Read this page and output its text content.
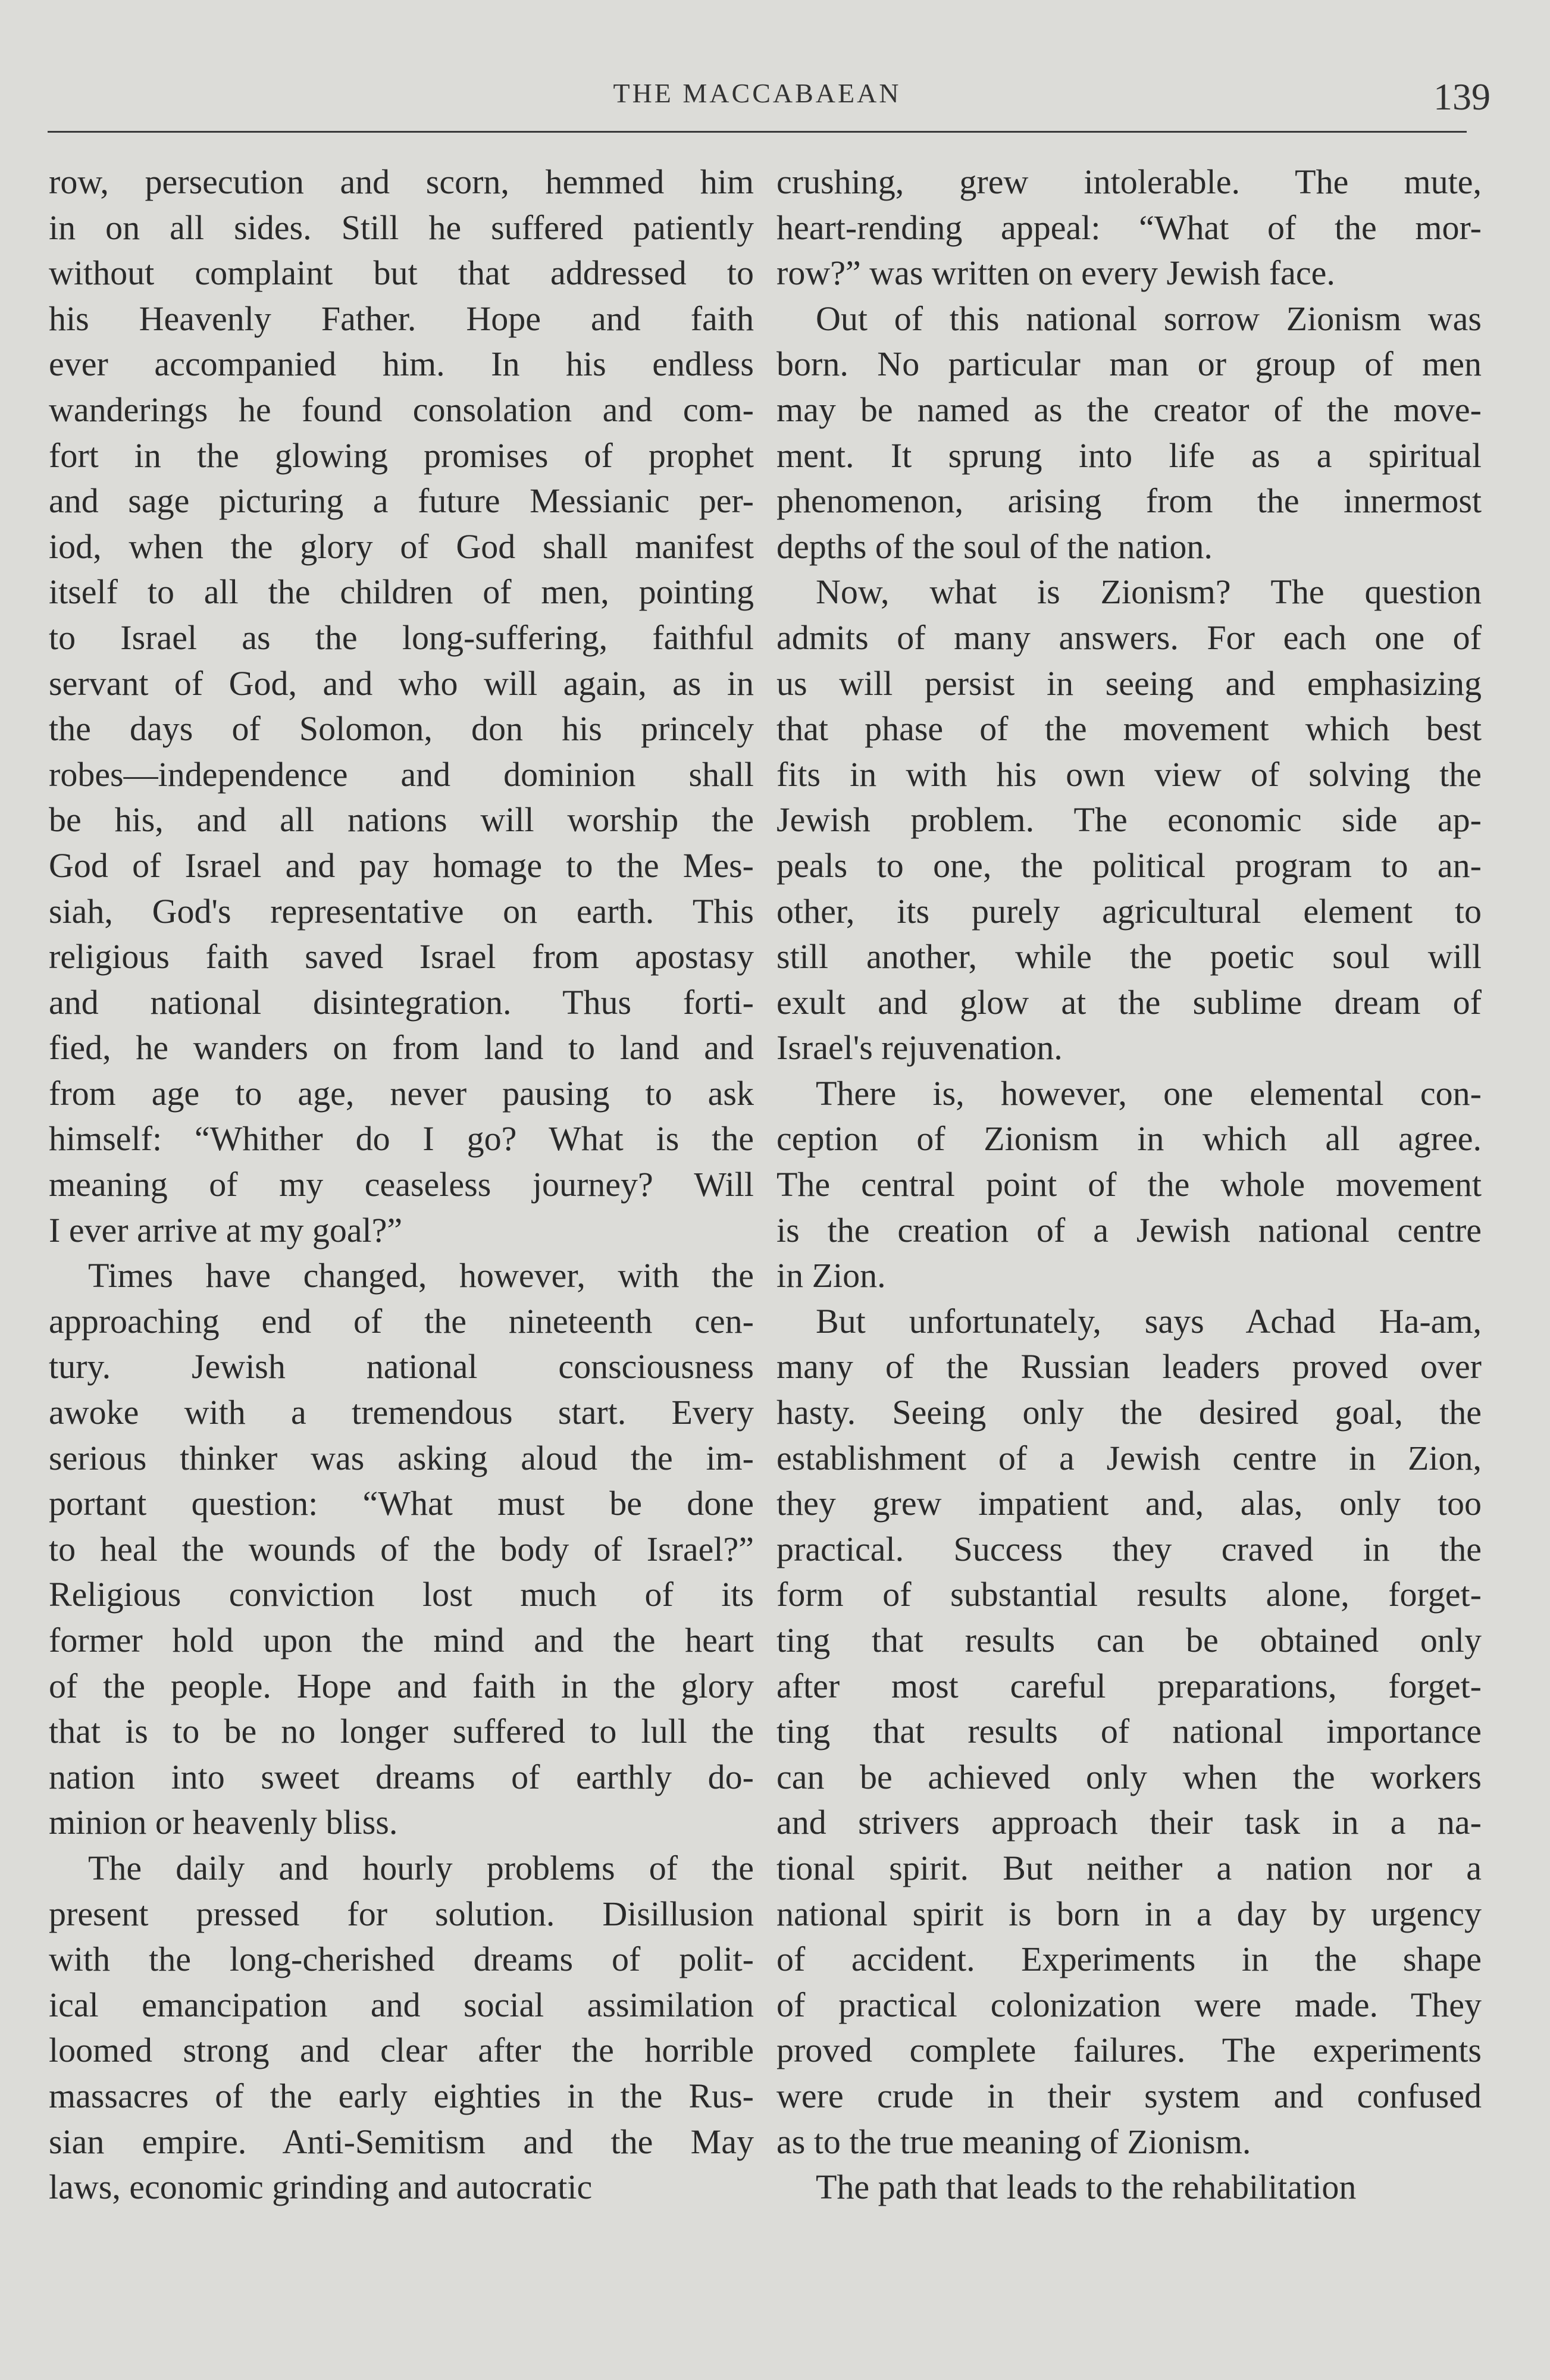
THE MACCABAEAN	139
row, persecution and scorn, hemmed him
in on all sides. Still he suffered patiently
without complaint but that addressed to
his Heavenly Father. Hope and faith
ever accompanied him. In his endless
wanderings he found consolation and com-
fort in the glowing promises of prophet
and sage picturing a future Messianic per-
iod, when the glory of God shall manifest
itself to all the children of men, pointing
to Israel as the long-suffering, faithful
servant of God, and who will again, as in
the days of Solomon, don his princely
robes—independence and dominion shall
be his, and all nations will worship the
God of Israel and pay homage to the Mes-
siah, God's representative on earth. This
religious faith saved Israel from apostasy
and national disintegration. Thus forti-
fied, he wanders on from land to land and
from age to age, never pausing to ask
himself: “Whither do I go? What is the
meaning of my ceaseless journey? Will
I ever arrive at my goal?”
Times have changed, however, with the
approaching end of the nineteenth cen-
tury. Jewish national consciousness
awoke with a tremendous start. Every
serious thinker was asking aloud the im-
portant question: “What must be done
to heal the wounds of the body of Israel?”
Religious conviction lost much of its
former hold upon the mind and the heart
of the people. Hope and faith in the glory
that is to be no longer suffered to lull the
nation into sweet dreams of earthly do-
minion or heavenly bliss.
The daily and hourly problems of the
present pressed for solution. Disillusion
with the long-cherished dreams of polit-
ical emancipation and social assimilation
loomed strong and clear after the horrible
massacres of the early eighties in the Rus-
sian empire. Anti-Semitism and the May
laws, economic grinding and autocratic
crushing, grew intolerable. The mute,
heart-rending appeal: “What of the mor-
row?” was written on every Jewish face.
Out of this national sorrow Zionism was
born. No particular man or group of men
may be named as the creator of the move-
ment. It sprung into life as a spiritual
phenomenon, arising from the innermost
depths of the soul of the nation.
Now, what is Zionism? The question
admits of many answers. For each one of
us will persist in seeing and emphasizing
that phase of the movement which best
fits in with his own view of solving the
Jewish problem. The economic side ap-
peals to one, the political program to an-
other, its purely agricultural element to
still another, while the poetic soul will
exult and glow at the sublime dream of
Israel's rejuvenation.
There is, however, one elemental con-
ception of Zionism in which all agree.
The central point of the whole movement
is the creation of a Jewish national centre
in Zion.
But unfortunately, says Achad Ha-am,
many of the Russian leaders proved over
hasty. Seeing only the desired goal, the
establishment of a Jewish centre in Zion,
they grew impatient and, alas, only too
practical. Success they craved in the
form of substantial results alone, forget-
ting that results can be obtained only
after most careful preparations, forget-
ting that results of national importance
can be achieved only when the workers
and strivers approach their task in a na-
tional spirit. But neither a nation nor a
national spirit is born in a day by urgency
of accident. Experiments in the shape
of practical colonization were made. They
proved complete failures. The experiments
were crude in their system and confused
as to the true meaning of Zionism.
The path that leads to the rehabilitation
